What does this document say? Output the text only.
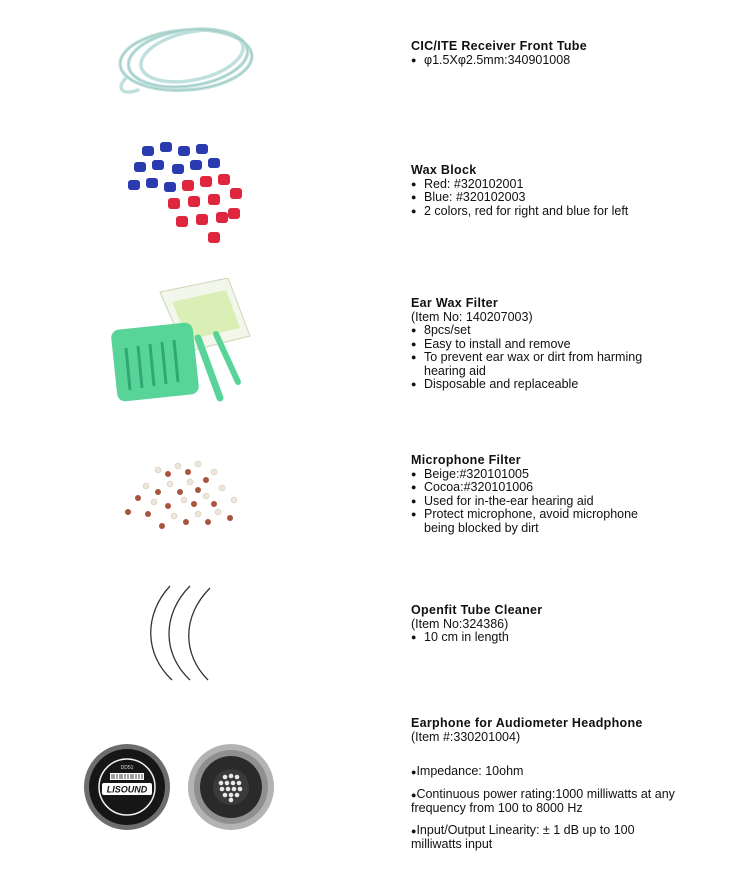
CIC/ITE Receiver Front Tube
● φ1.5Xφ2.5mm:340901008
Wax Block
● Red: #320102001
● Blue: #320102003
● 2 colors, red for right and blue for left
Ear Wax Filter
(Item No: 140207003)
● 8pcs/set
● Easy to install and remove
● To prevent ear wax or dirt from harming hearing aid
● Disposable and replaceable
Microphone Filter
● Beige:#320101005
● Cocoa:#320101006
● Used for in-the-ear hearing aid
● Protect microphone, avoid microphone being blocked by dirt
Openfit Tube Cleaner
(Item No:324386)
● 10 cm in length
DD51
LISOUND
Earphone for Audiometer Headphone
(Item #:330201004)
●Impedance: 10ohm
●Continuous power rating:1000 milliwatts at any frequency from 100 to 8000 Hz
●Input/Output Linearity: ± 1 dB up to 100 milliwatts input
